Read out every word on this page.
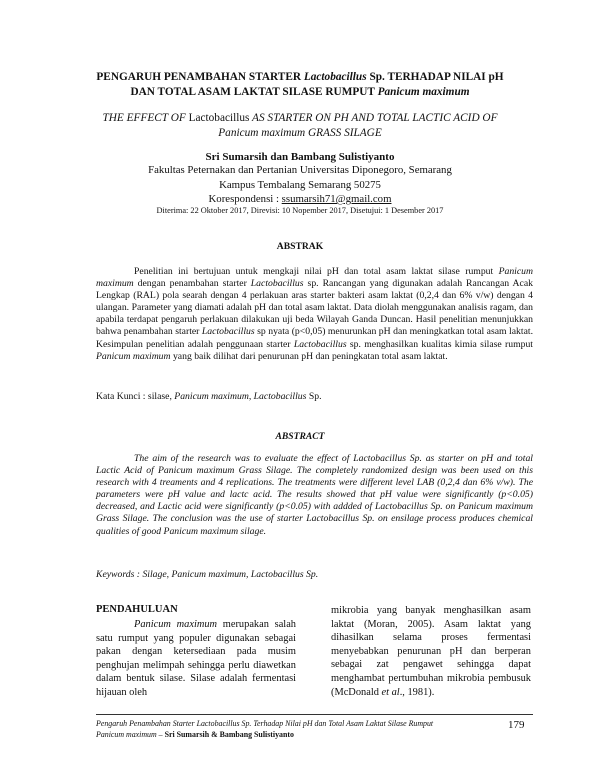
PENGARUH PENAMBAHAN STARTER Lactobacillus Sp. TERHADAP NILAI pH
DAN TOTAL ASAM LAKTAT SILASE RUMPUT Panicum maximum
THE EFFECT OF Lactobacillus AS STARTER ON PH AND TOTAL LACTIC ACID OF
Panicum maximum GRASS SILAGE
Sri Sumarsih dan Bambang Sulistiyanto
Fakultas Peternakan dan Pertanian Universitas Diponegoro, Semarang
Kampus Tembalang Semarang 50275
Korespondensi : ssumarsih71@gmail.com
Diterima: 22 Oktober 2017, Direvisi: 10 Nopember 2017, Disetujui: 1 Desember 2017
ABSTRAK

Penelitian ini bertujuan untuk mengkaji nilai pH dan total asam laktat silase rumput Panicum maximum dengan penambahan starter Lactobacillus sp. Rancangan yang digunakan adalah Rancangan Acak Lengkap (RAL) pola searah dengan 4 perlakuan aras starter bakteri asam laktat (0,2,4 dan 6% v/w) dengan 4 ulangan. Parameter yang diamati adalah pH dan total asam laktat. Data diolah menggunakan analisis ragam, dan apabila terdapat pengaruh perlakuan dilakukan uji beda Wilayah Ganda Duncan. Hasil penelitian menunjukkan bahwa penambahan starter Lactobacillus sp nyata (p<0,05) menurunkan pH dan meningkatkan total asam laktat. Kesimpulan penelitian adalah penggunaan starter Lactobacillus sp. menghasilkan kualitas kimia silase rumput Panicum maximum yang baik dilihat dari penurunan pH dan peningkatan total asam laktat.

Kata Kunci : silase, Panicum maximum, Lactobacillus Sp.
ABSTRACT

The aim of the research was to evaluate the effect of Lactobacillus Sp. as starter on pH and total Lactic Acid of Panicum maximum Grass Silage. The completely randomized design was been used on this research with 4 treaments and 4 replications. The treatments were different level LAB (0,2,4 dan 6% v/w). The parameters were pH value and lactc acid. The results showed that pH value were significantly (p<0.05) decreased, and Lactic acid were significantly (p<0.05) with addded of Lactobacillus Sp. on Panicum maximum Grass Silage. The conclusion was the use of starter Lactobacillus Sp. on ensilage process produces chemical qualities of good Panicum maximum silage.

Keywords : Silage, Panicum maximum, Lactobacillus Sp.
PENDAHULUAN

Panicum maximum merupakan salah satu rumput yang populer digunakan sebagai pakan dengan ketersediaan pada musim penghujan melimpah sehingga perlu diawetkan dalam bentuk silase. Silase adalah fermentasi hijauan oleh

mikrobia yang banyak menghasilkan asam laktat (Moran, 2005). Asam laktat yang dihasilkan selama proses fermentasi menyebabkan penurunan pH dan berperan sebagai zat pengawet sehingga dapat menghambat pertumbuhan mikrobia pembusuk (McDonald et al., 1981).

Pengaruh Penambahan Starter Lactobacillus Sp. Terhadap Nilai pH dan Total Asam Laktat Silase Rumput
Panicum maximum – Sri Sumarsih & Bambang Sulistiyanto
179
